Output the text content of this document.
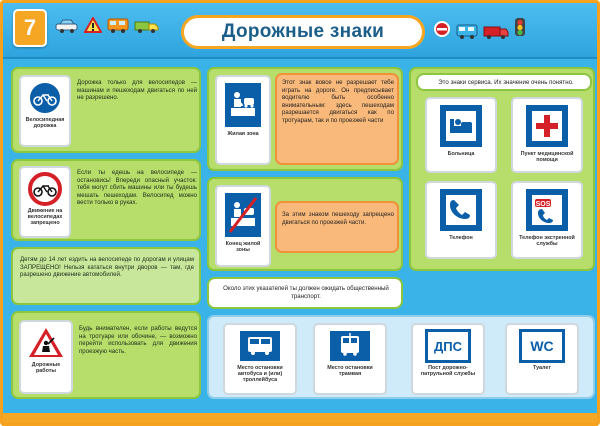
7	Дорожные знаки
Велосипедная дорожка
Дорожка только для велосипедов — машинам и пешеходам двигаться по ней не разрешено.
Движение на велосипедах запрещено
Если ты едешь на велосипеде — остановись! Впереди опасный участок: тебя могут сбить машины или ты будешь мешать пешеходам. Велосипед можно вести только в руках.
Детям до 14 лет ездить на велосипеде по дорогам и улицам ЗАПРЕЩЕНО! Нельзя кататься внутри дворов — там, где разрешено движение автомобилей.
Дорожные работы
Будь внимателен, если работы ведутся на тротуаре или обочине, — возможно перейти использовать для движения проезжую часть.
Жилая зона
Этот знак вовсе не разрешает тебе играть на дороге. Он предписывает водителю быть особенно внимательным: здесь пешеходам разрешается двигаться как по тротуарам, так и по проезжей части
Конец жилой зоны
За этим знаком пешеходу запрещено двигаться по проезжей части.
Около этих указателей ты должен ожидать общественный транспорт.
Это знаки сервиса. Их значение очень понятно.
Больница	Пункт медицинской помощи
Телефон
SOS
Телефон экстренной службы
Место остановки автобуса и (или) троллейбуса
Место остановки трамвая
ДПС
Пост дорожно-патрульной службы
WC
Туалет
